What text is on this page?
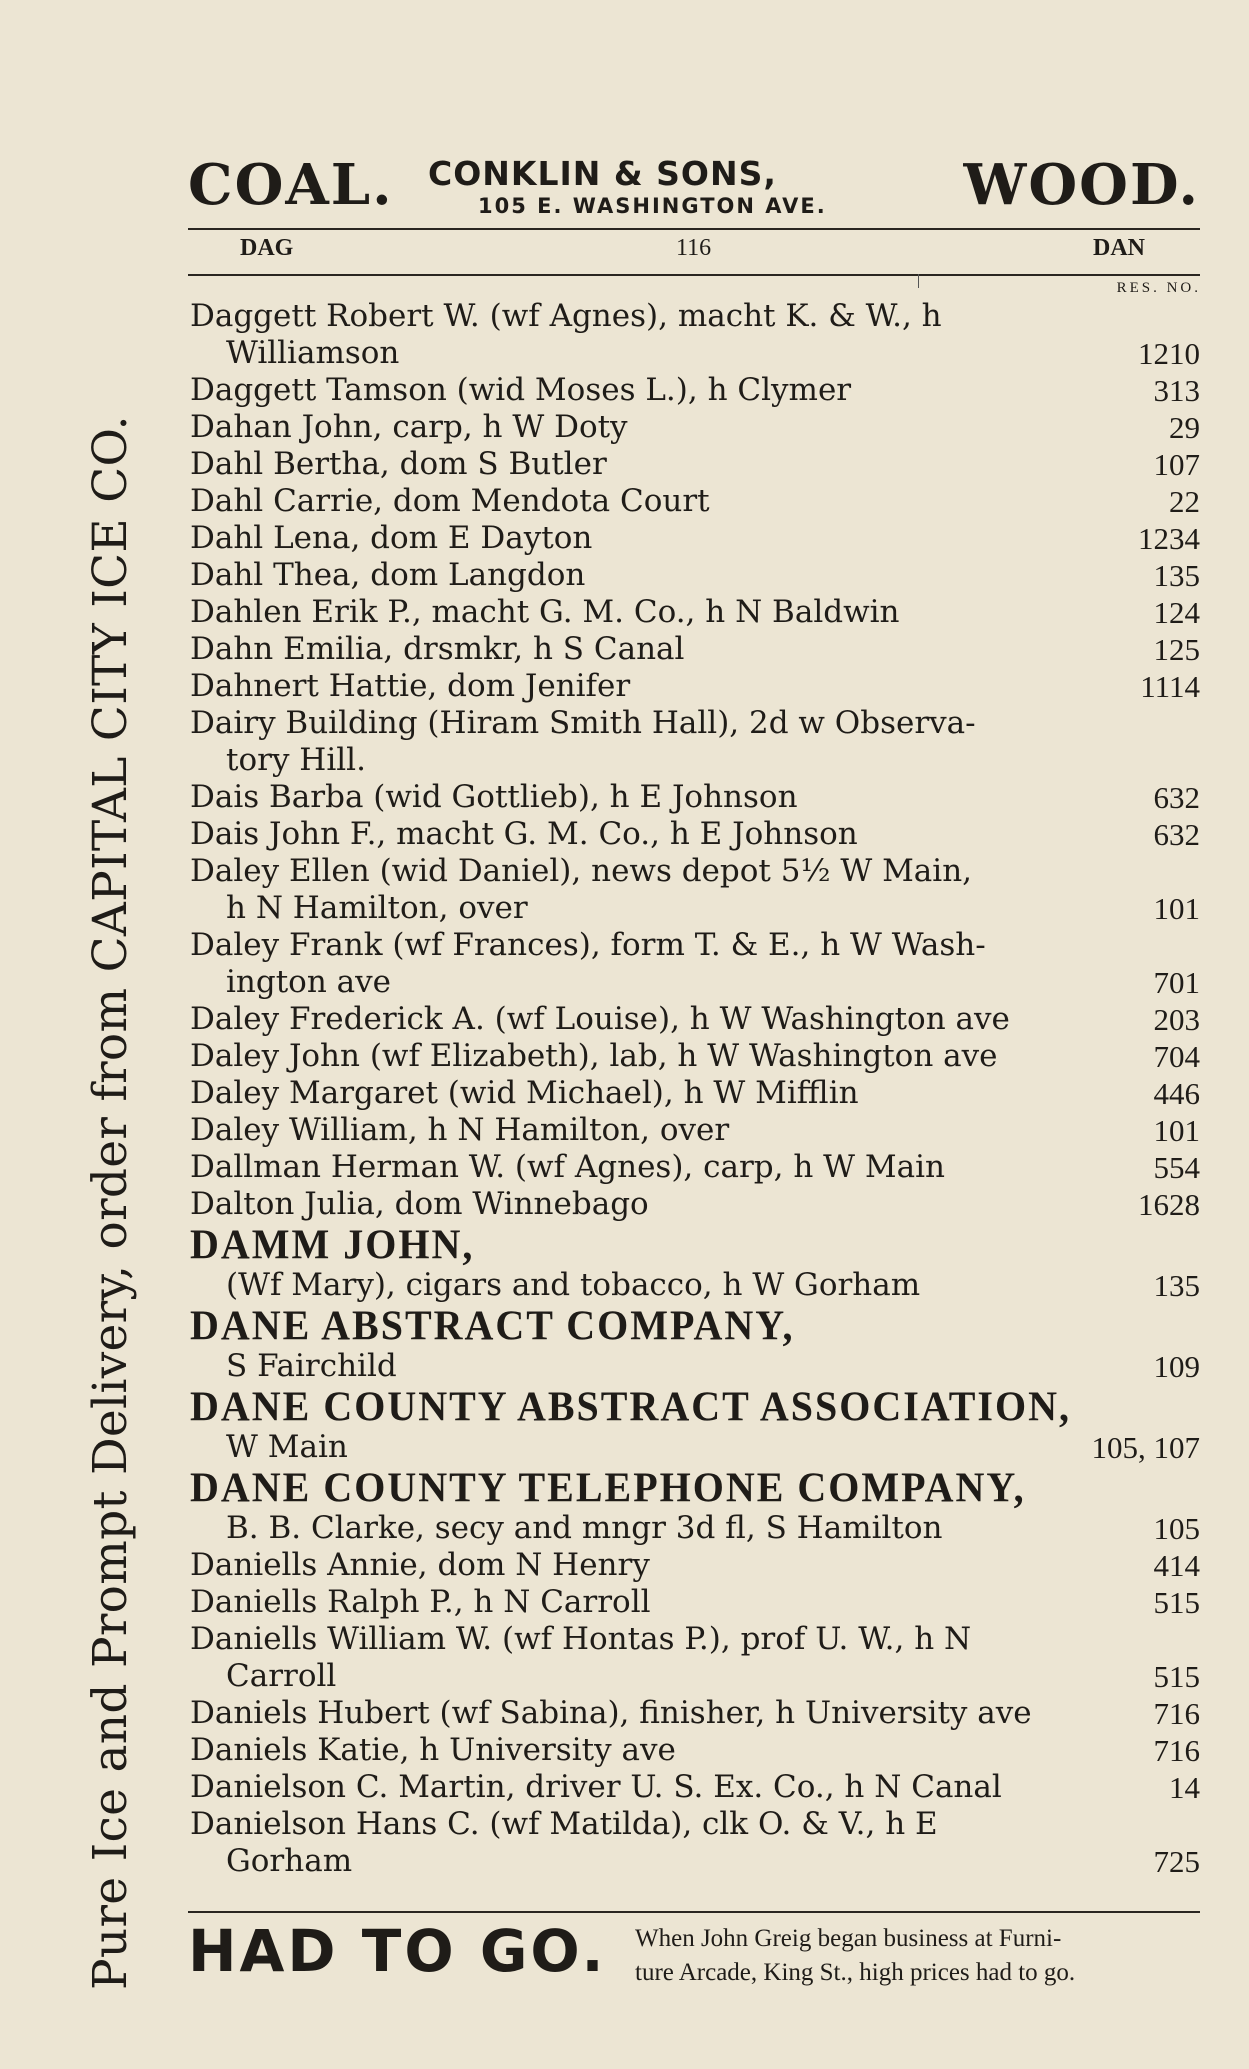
Pure Ice and Prompt Delivery, order from CAPITAL CITY ICE CO.
COAL. CONKLIN & SONS,
105 E. WASHINGTON AVE. WOOD.
DAG	116	DAN
RES. NO.
Daggett Robert W. (wf Agnes), macht K. & W., h
Williamson	1210
Daggett Tamson (wid Moses L.), h Clymer	313
Dahan John, carp, h W Doty	29
Dahl Bertha, dom S Butler	107
Dahl Carrie, dom Mendota Court	22
Dahl Lena, dom E Dayton	1234
Dahl Thea, dom Langdon	135
Dahlen Erik P., macht G. M. Co., h N Baldwin	124
Dahn Emilia, drsmkr, h S Canal	125
Dahnert Hattie, dom Jenifer	1114
Dairy Building (Hiram Smith Hall), 2d w Observa-
tory Hill.
Dais Barba (wid Gottlieb), h E Johnson	632
Dais John F., macht G. M. Co., h E Johnson	632
Daley Ellen (wid Daniel), news depot 5½ W Main,
h N Hamilton, over	101
Daley Frank (wf Frances), form T. & E., h W Wash-
ington ave	701
Daley Frederick A. (wf Louise), h W Washington ave	203
Daley John (wf Elizabeth), lab, h W Washington ave	704
Daley Margaret (wid Michael), h W Mifflin	446
Daley William, h N Hamilton, over	101
Dallman Herman W. (wf Agnes), carp, h W Main	554
Dalton Julia, dom Winnebago	1628
DAMM JOHN,
(Wf Mary), cigars and tobacco, h W Gorham	135
DANE ABSTRACT COMPANY,
S Fairchild	109
DANE COUNTY ABSTRACT ASSOCIATION,
W Main	105, 107
DANE COUNTY TELEPHONE COMPANY,
B. B. Clarke, secy and mngr 3d fl, S Hamilton	105
Daniells Annie, dom N Henry	414
Daniells Ralph P., h N Carroll	515
Daniells William W. (wf Hontas P.), prof U. W., h N
Carroll	515
Daniels Hubert (wf Sabina), finisher, h University ave	716
Daniels Katie, h University ave	716
Danielson C. Martin, driver U. S. Ex. Co., h N Canal	14
Danielson Hans C. (wf Matilda), clk O. & V., h E
Gorham	725
HAD TO GO. When John Greig began business at Furni-
ture Arcade, King St., high prices had to go.
